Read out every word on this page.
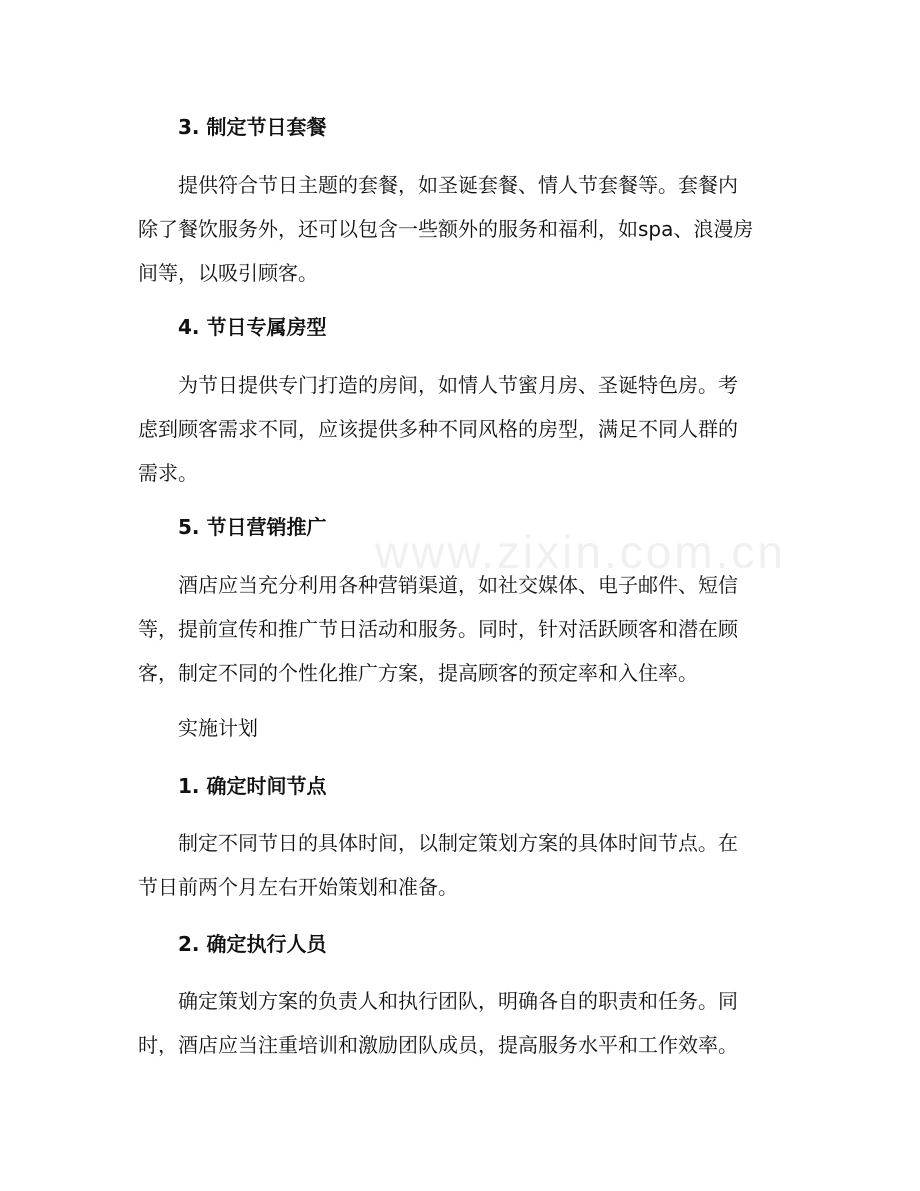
3. 制定节日套餐

提供符合节日主题的套餐，如圣诞套餐、情人节套餐等。套餐内
除了餐饮服务外，还可以包含一些额外的服务和福利，如spa、浪漫房
间等，以吸引顾客。

4. 节日专属房型

为节日提供专门打造的房间，如情人节蜜月房、圣诞特色房。考
虑到顾客需求不同，应该提供多种不同风格的房型，满足不同人群的
需求。

5. 节日营销推广

酒店应当充分利用各种营销渠道，如社交媒体、电子邮件、短信
等，提前宣传和推广节日活动和服务。同时，针对活跃顾客和潜在顾
客，制定不同的个性化推广方案，提高顾客的预定率和入住率。

实施计划
1. 确定时间节点

制定不同节日的具体时间，以制定策划方案的具体时间节点。在
节日前两个月左右开始策划和准备。

2. 确定执行人员

确定策划方案的负责人和执行团队，明确各自的职责和任务。同
时，酒店应当注重培训和激励团队成员，提高服务水平和工作效率。

www.zixin.com.cn
